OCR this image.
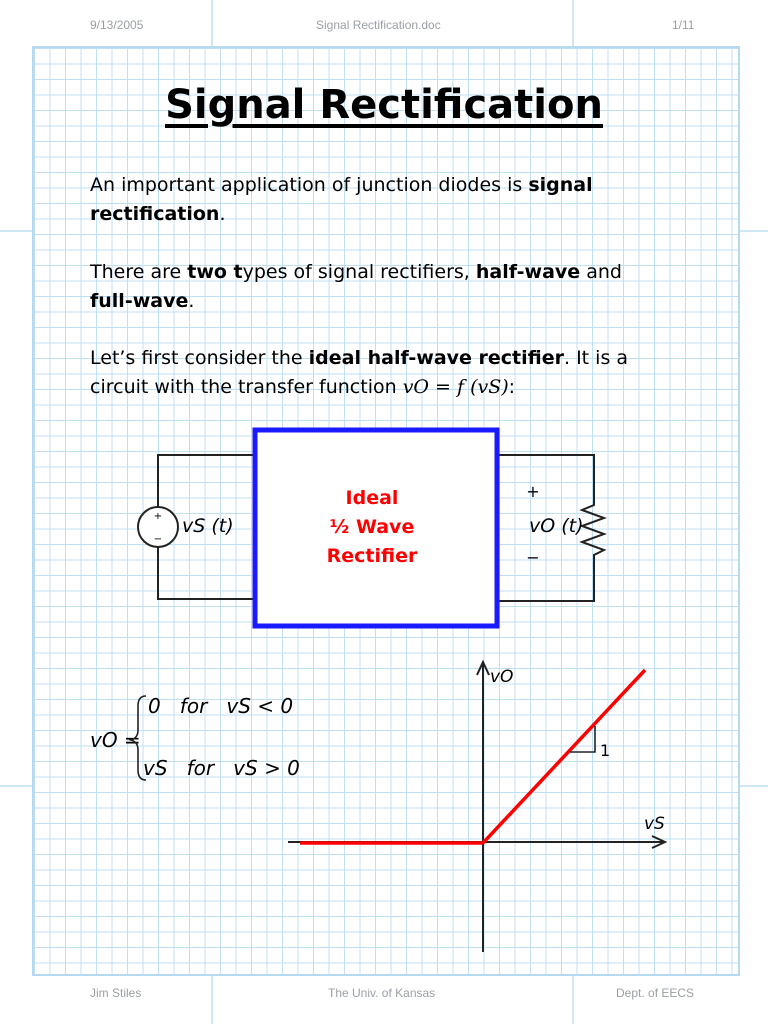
9/13/2005	Signal Rectification.doc	1/11
Signal Rectification
An important application of junction diodes is signal rectification.
There are two types of signal rectifiers, half-wave and full-wave.
Let’s first consider the ideal half-wave rectifier. It is a circuit with the transfer function vO = f (vS):
+
−
vS (t)
+
vO (t)
−
Ideal
½ Wave
Rectifier
vO =
0   for   vS < 0
vS   for   vS > 0
vO
vS
1
Jim Stiles	The Univ. of Kansas	Dept. of EECS
